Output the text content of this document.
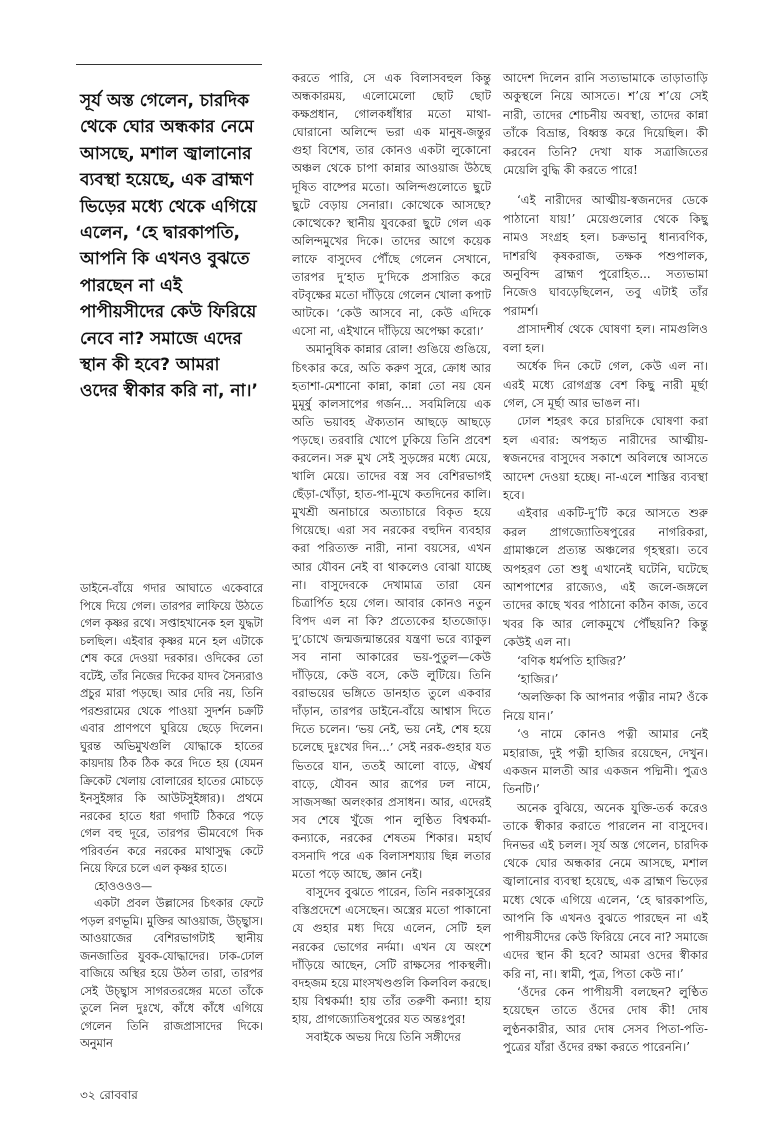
সূর্য অস্ত গেলেন, চারদিক থেকে ঘোর অন্ধকার নেমে আসছে, মশাল জ্বালানোর ব্যবস্থা হয়েছে, এক ব্রাহ্মণ ভিড়ের মধ্যে থেকে এগিয়ে এলেন, ‘হে দ্বারকাপতি, আপনি কি এখনও বুঝতে পারছেন না এই পাপীয়সীদের কেউ ফিরিয়ে নেবে না? সমাজে এদের স্থান কী হবে? আমরা ওদের স্বীকার করি না, না।’

ডাইনে-বাঁয়ে গদার আঘাতে একেবারে পিষে দিয়ে গেল। তারপর লাফিয়ে উঠতে গেল কৃষ্ণর রথে। সপ্তাহখানেক হল যুদ্ধটা চলছিল। এইবার কৃষ্ণর মনে হল এটাকে শেষ করে দেওয়া দরকার। ওদিকের তো বটেই, তাঁর নিজের দিকের যাদব সৈন্যরাও প্রচুর মারা পড়ছে। আর দেরি নয়, তিনি পরশুরামের থেকে পাওয়া সুদর্শন চক্রটি এবার প্রাণপণে ঘুরিয়ে ছেড়ে দিলেন। ঘুরন্ত অভিমুখগুলি যোদ্ধাকে হাতের কায়দায় ঠিক ঠিক করে দিতে হয় (যেমন ক্রিকেট খেলায় বোলারের হাতের মোচড়ে ইনসুইঙ্গার কি আউটসুইঙ্গার)। প্রথমে নরকের হাতে ধরা গদাটি ঠিকরে পড়ে গেল বহু দূরে, তারপর ভীমবেগে দিক পরিবর্তন করে নরকের মাথাসুদ্ধ কেটে নিয়ে ফিরে চলে এল কৃষ্ণর হাতে।

হোওওওও—

একটা প্রবল উল্লাসের চিৎকার ফেটে পড়ল রণভূমি। মুক্তির আওয়াজ, উচ্ছ্বাস। আওয়াজের বেশিরভাগটাই স্থানীয় জনজাতির যুবক-যোদ্ধাদের। ঢাক-ঢোল বাজিয়ে অস্থির হয়ে উঠল তারা, তারপর সেই উচ্ছ্বাস সাগরতরঙ্গের মতো তাঁকে তুলে নিল দুঃখে, কাঁধে কাঁধে এগিয়ে গেলেন তিনি রাজপ্রাসাদের দিকে। অনুমান

করতে পারি, সে এক বিলাসবহুল কিন্তু অন্ধকারময়, এলোমেলো ছোট ছোট কক্ষপ্রধান, গোলকধাঁধার মতো মাথা-ঘোরানো অলিন্দে ভরা এক মানুষ-জন্তুর গুহা বিশেষ, তার কোনও একটা লুকোনো অঞ্চল থেকে চাপা কান্নার আওয়াজ উঠছে দূষিত বাষ্পের মতো। অলিন্দগুলোতে ছুটে ছুটে বেড়ায় সেনারা। কোত্থেকে আসছে? কোত্থেকে? স্থানীয় যুবকেরা ছুটে গেল এক অলিন্দমুখের দিকে। তাদের আগে কয়েক লাফে বাসুদেব পৌঁছে গেলেন সেখানে, তারপর দু’হাত দু’দিকে প্রসারিত করে বটবৃক্ষের মতো দাঁড়িয়ে গেলেন খোলা কপাট আটকে। ‘কেউ আসবে না, কেউ এদিকে এসো না, এইখানে দাঁড়িয়ে অপেক্ষা করো।’

অমানুষিক কান্নার রোল! গুঙিয়ে গুঙিয়ে, চিৎকার করে, অতি করুণ সুরে, ক্রোধ আর হতাশা-মেশানো কান্না, কান্না তো নয় যেন মুমূর্ষু কালসাপের গর্জন... সবমিলিয়ে এক অতি ভয়াবহ ঐক্যতান আছড়ে আছড়ে পড়ছে। তরবারি খোপে ঢুকিয়ে তিনি প্রবেশ করলেন। সরু মুখ সেই সুড়ঙ্গের মধ্যে মেয়ে, খালি মেয়ে। তাদের বস্ত্র সব বেশিরভাগই ছেঁড়া-খোঁড়া, হাত-পা-মুখে কতদিনের কালি। মুখশ্রী অনাচারে অত্যাচারে বিকৃত হয়ে গিয়েছে। এরা সব নরকের বহুদিন ব্যবহার করা পরিত্যক্ত নারী, নানা বয়সের, এখন আর যৌবন নেই বা থাকলেও বোঝা যাচ্ছে না। বাসুদেবকে দেখামাত্র তারা যেন চিত্রার্পিত হয়ে গেল। আবার কোনও নতুন বিপদ এল না কি? প্রত্যেকের হাতজোড়। দু’চোখে জন্মজন্মান্তরের যন্ত্রণা ভরে ব্যাকুল সব নানা আকারের ভয়-পুতুল—কেউ দাঁড়িয়ে, কেউ বসে, কেউ লুটিয়ে। তিনি বরাভয়ের ভঙ্গিতে ডানহাত তুলে একবার দাঁড়ান, তারপর ডাইনে-বাঁয়ে আশ্বাস দিতে দিতে চলেন। ‘ভয় নেই, ভয় নেই, শেষ হয়ে চলেছে দুঃখের দিন...’ সেই নরক-গুহার যত ভিতরে যান, ততই আলো বাড়ে, ঐশ্বর্য বাড়ে, যৌবন আর রূপের ঢল নামে, সাজসজ্জা অলংকার প্রসাধন। আর, এদেরই সব শেষে খুঁজে পান লুণ্ঠিত বিশ্বকর্মা-কন্যাকে, নরকের শেষতম শিকার। মহার্ঘ বসনাদি পরে এক বিলাসশয্যায় ছিন্ন লতার মতো পড়ে আছে, জ্ঞান নেই।

বাসুদেব বুঝতে পারেন, তিনি নরকাসুরের বস্তিপ্রদেশে এসেছেন। অস্ত্রের মতো পাকানো যে গুহার মধ্য দিয়ে এলেন, সেটি হল নরকের ভোগের নর্দমা। এখন যে অংশে দাঁড়িয়ে আছেন, সেটি রাক্ষসের পাকস্থলী। বদহজম হয়ে মাংসখণ্ডগুলি কিলবিল করছে। হায় বিশ্বকর্মা! হায় তাঁর তরুণী কন্যা! হায় হায়, প্রাগজ্যোতিষপুরের যত অন্তঃপুর!

সবাইকে অভয় দিয়ে তিনি সঙ্গীদের

আদেশ দিলেন রানি সত্যভামাকে তাড়াতাড়ি অকুস্থলে নিয়ে আসতে। শ’য়ে শ’য়ে সেই নারী, তাদের শোচনীয় অবস্থা, তাদের কান্না তাঁকে বিভ্রান্ত, বিধ্বস্ত করে দিয়েছিল। কী করবেন তিনি? দেখা যাক সত্রাজিতের মেয়েলি বুদ্ধি কী করতে পারে!

‘এই নারীদের আত্মীয়-স্বজনদের ডেকে পাঠানো যায়!’ মেয়েগুলোর থেকে কিছু নামও সংগ্রহ হল। চক্রভানু ধান্যবণিক, দাশরথি কৃষকরাজ, তক্ষক পশুপালক, অনুবিন্দ ব্রাহ্মণ পুরোহিত... সত্যভামা নিজেও ঘাবড়েছিলেন, তবু এটাই তাঁর পরামর্শ।

প্রাসাদশীর্ষ থেকে ঘোষণা হল। নামগুলিও বলা হল।

অর্ধেক দিন কেটে গেল, কেউ এল না। এরই মধ্যে রোগগ্রস্ত বেশ কিছু নারী মূর্ছা গেল, সে মূর্ছা আর ভাঙল না।

ঢোল শহরৎ করে চারদিকে ঘোষণা করা হল এবার: অপহৃত নারীদের আত্মীয়-স্বজনদের বাসুদেব সকাশে অবিলম্বে আসতে আদেশ দেওয়া হচ্ছে। না-এলে শাস্তির ব্যবস্থা হবে।

এইবার একটি-দু’টি করে আসতে শুরু করল প্রাগজ্যোতিষপুরের নাগরিকরা, গ্রামাঞ্চলে প্রত্যন্ত অঞ্চলের গৃহস্থরা। তবে অপহরণ তো শুধু এখানেই ঘটেনি, ঘটেছে আশপাশের রাজ্যেও, এই জলে-জঙ্গলে তাদের কাছে খবর পাঠানো কঠিন কাজ, তবে খবর কি আর লোকমুখে পৌঁছয়নি? কিন্তু কেউই এল না।

‘বণিক ধর্মপতি হাজির?’

‘হাজির।’

‘অলক্তিকা কি আপনার পত্নীর নাম? ওঁকে নিয়ে যান।’

‘ও নামে কোনও পত্নী আমার নেই মহারাজ, দুই পত্নী হাজির রয়েছেন, দেখুন। একজন মালতী আর একজন পদ্মিনী। পুত্রও তিনটি।’

অনেক বুঝিয়ে, অনেক যুক্তি-তর্ক করেও তাকে স্বীকার করাতে পারলেন না বাসুদেব। দিনভর এই চলল। সূর্য অস্ত গেলেন, চারদিক থেকে ঘোর অন্ধকার নেমে আসছে, মশাল জ্বালানোর ব্যবস্থা হয়েছে, এক ব্রাহ্মণ ভিড়ের মধ্যে থেকে এগিয়ে এলেন, ‘হে দ্বারকাপতি, আপনি কি এখনও বুঝতে পারছেন না এই পাপীয়সীদের কেউ ফিরিয়ে নেবে না? সমাজে এদের স্থান কী হবে? আমরা ওদের স্বীকার করি না, না। স্বামী, পুত্র, পিতা কেউ না।’

‘ওঁদের কেন পাপীয়সী বলছেন? লুণ্ঠিত হয়েছেন তাতে ওঁদের দোষ কী! দোষ লুণ্ঠনকারীর, আর দোষ সেসব পিতা-পতি-পুত্রের যাঁরা ওঁদের রক্ষা করতে পারেননি।’

৩২ রোববার
